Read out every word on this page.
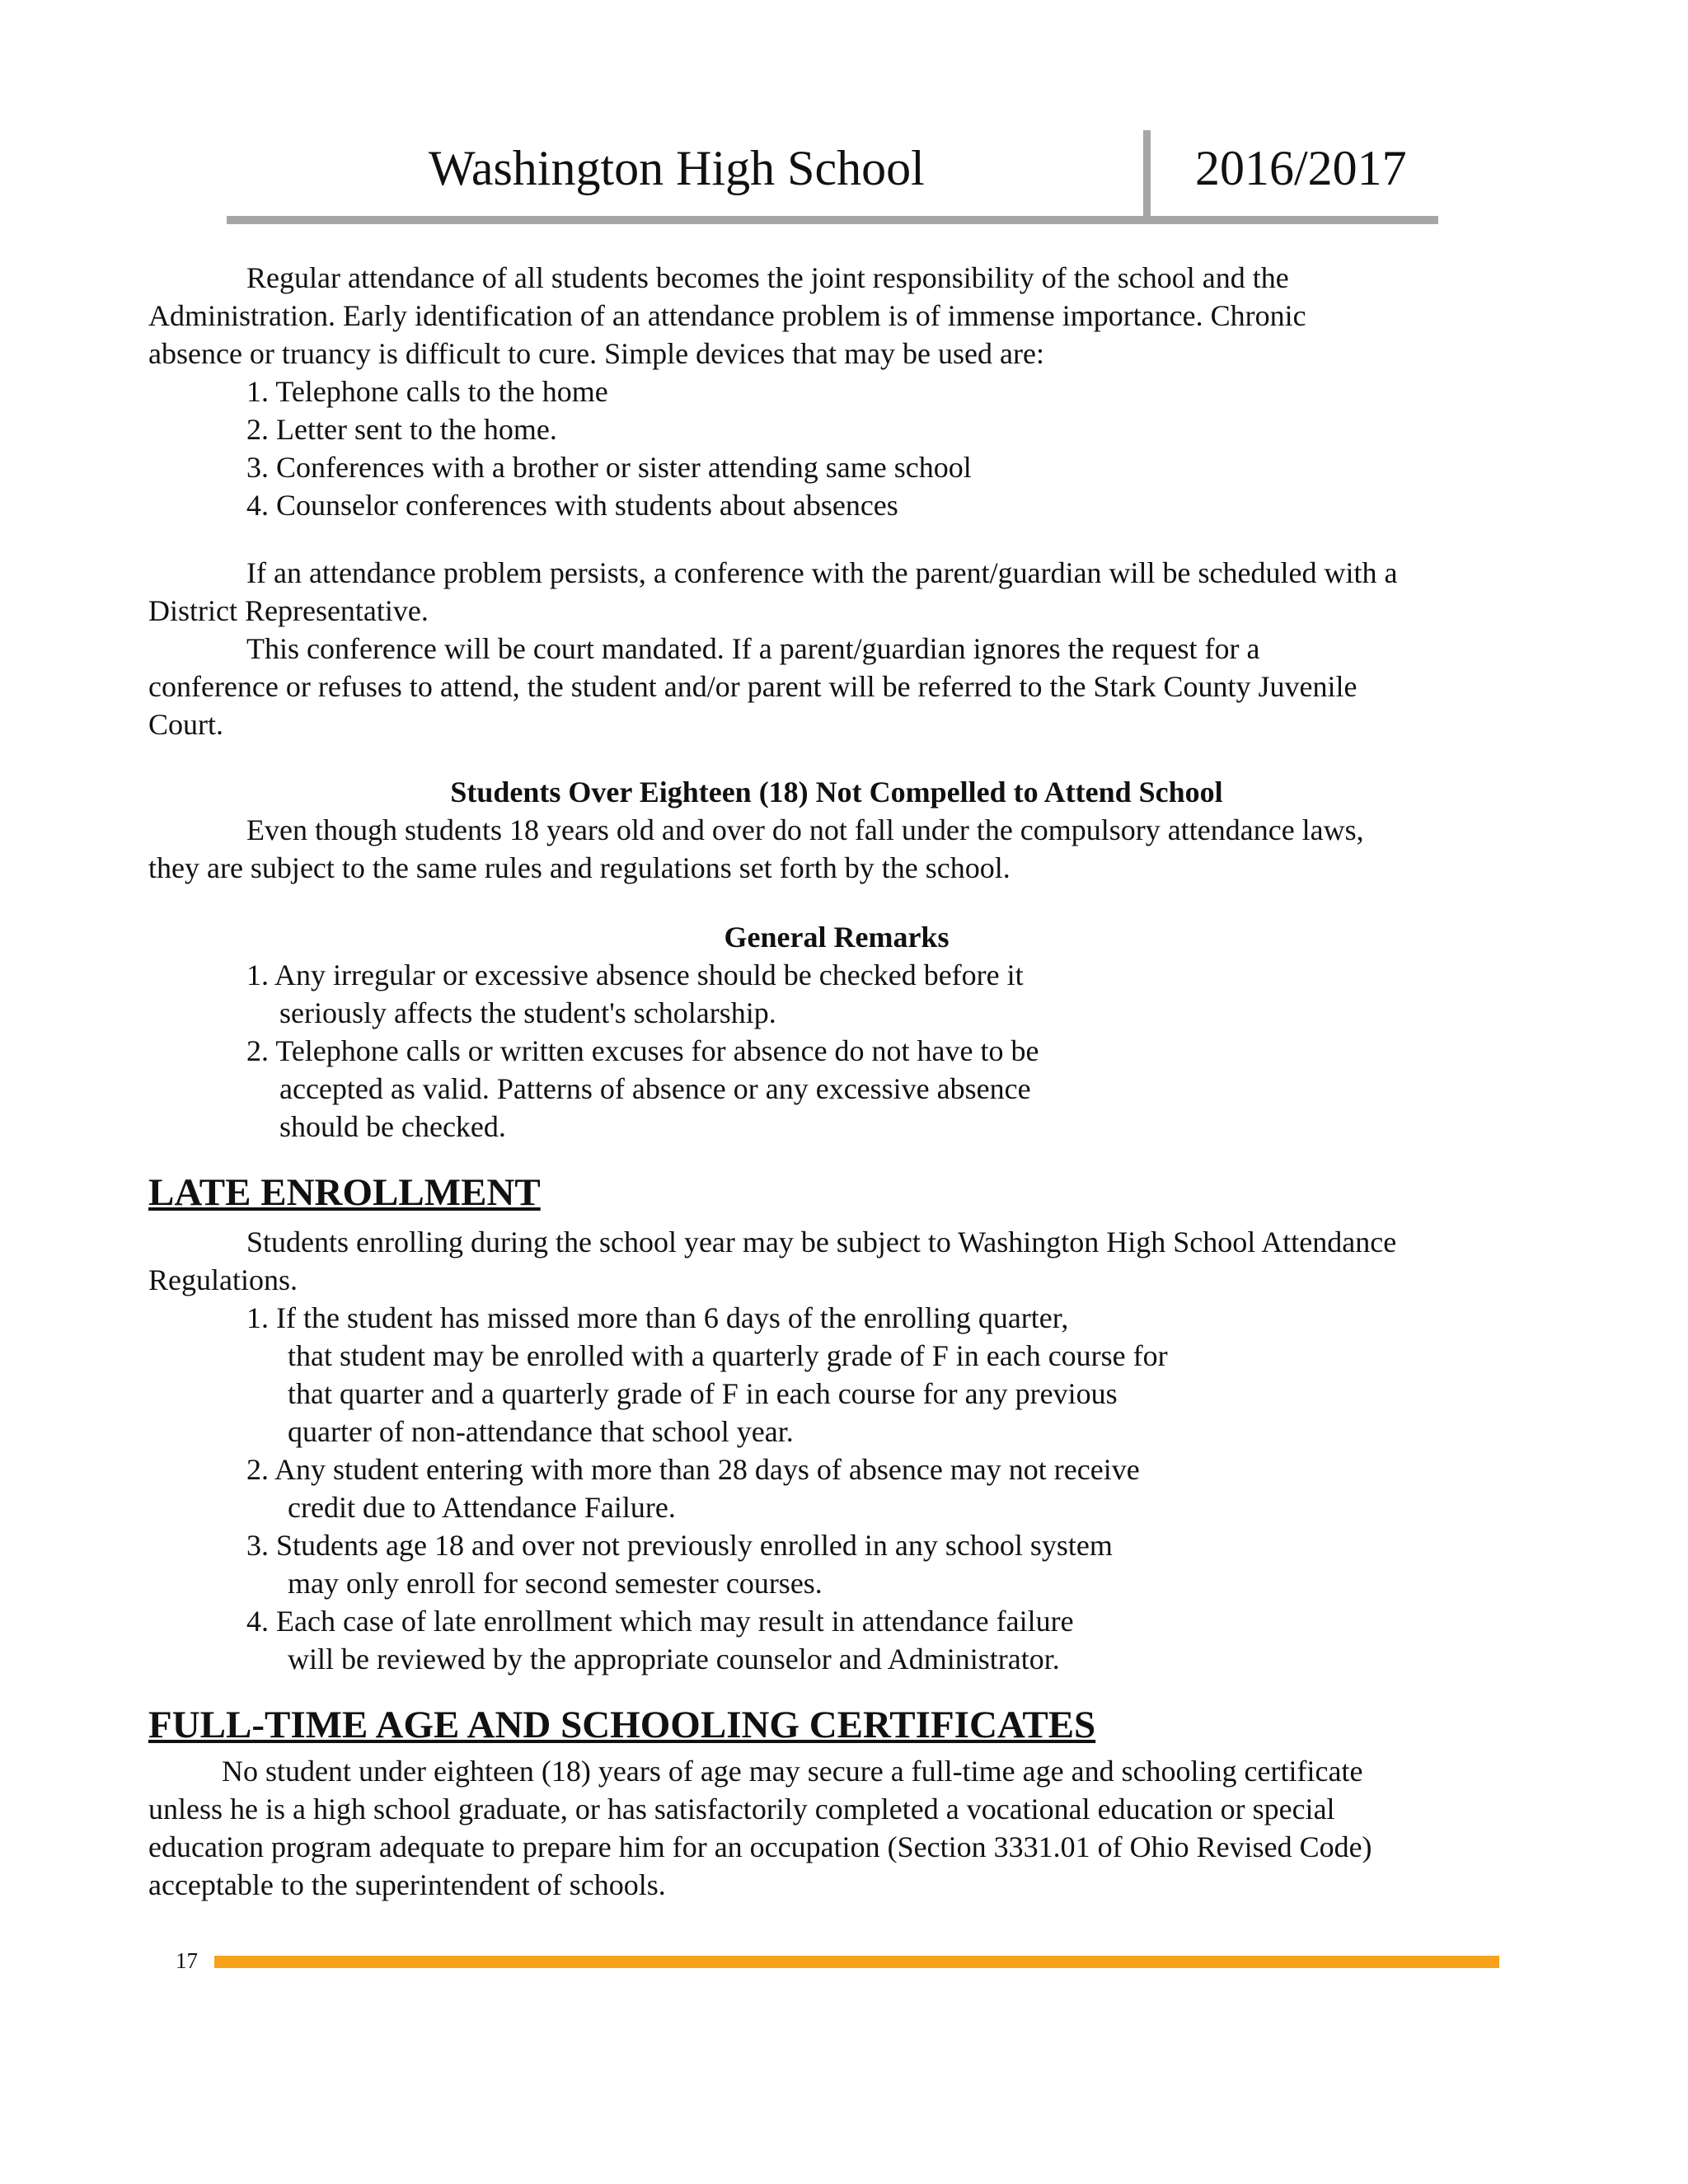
Washington High School	2016/2017
Regular attendance of all students becomes the joint responsibility of the school and the
Administration. Early identification of an attendance problem is of immense importance. Chronic
absence or truancy is difficult to cure. Simple devices that may be used are:
1. Telephone calls to the home
2. Letter sent to the home.
3. Conferences with a brother or sister attending same school
4. Counselor conferences with students about absences
If an attendance problem persists, a conference with the parent/guardian will be scheduled with a
District Representative.
This conference will be court mandated. If a parent/guardian ignores the request for a
conference or refuses to attend, the student and/or parent will be referred to the Stark County Juvenile
Court.
Students Over Eighteen (18) Not Compelled to Attend School
Even though students 18 years old and over do not fall under the compulsory attendance laws,
they are subject to the same rules and regulations set forth by the school.
General Remarks
1. Any irregular or excessive absence should be checked before it
seriously affects the student's scholarship.
2. Telephone calls or written excuses for absence do not have to be
accepted as valid. Patterns of absence or any excessive absence
should be checked.
LATE ENROLLMENT
Students enrolling during the school year may be subject to Washington High School Attendance
Regulations.
1. If the student has missed more than 6 days of the enrolling quarter,
that student may be enrolled with a quarterly grade of F in each course for
that quarter and a quarterly grade of F in each course for any previous
quarter of non-attendance that school year.
2. Any student entering with more than 28 days of absence may not receive
credit due to Attendance Failure.
3. Students age 18 and over not previously enrolled in any school system
may only enroll for second semester courses.
4. Each case of late enrollment which may result in attendance failure
will be reviewed by the appropriate counselor and Administrator.
FULL-TIME AGE AND SCHOOLING CERTIFICATES
No student under eighteen (18) years of age may secure a full-time age and schooling certificate
unless he is a high school graduate, or has satisfactorily completed a vocational education or special
education program adequate to prepare him for an occupation (Section 3331.01 of Ohio Revised Code)
acceptable to the superintendent of schools.
17
